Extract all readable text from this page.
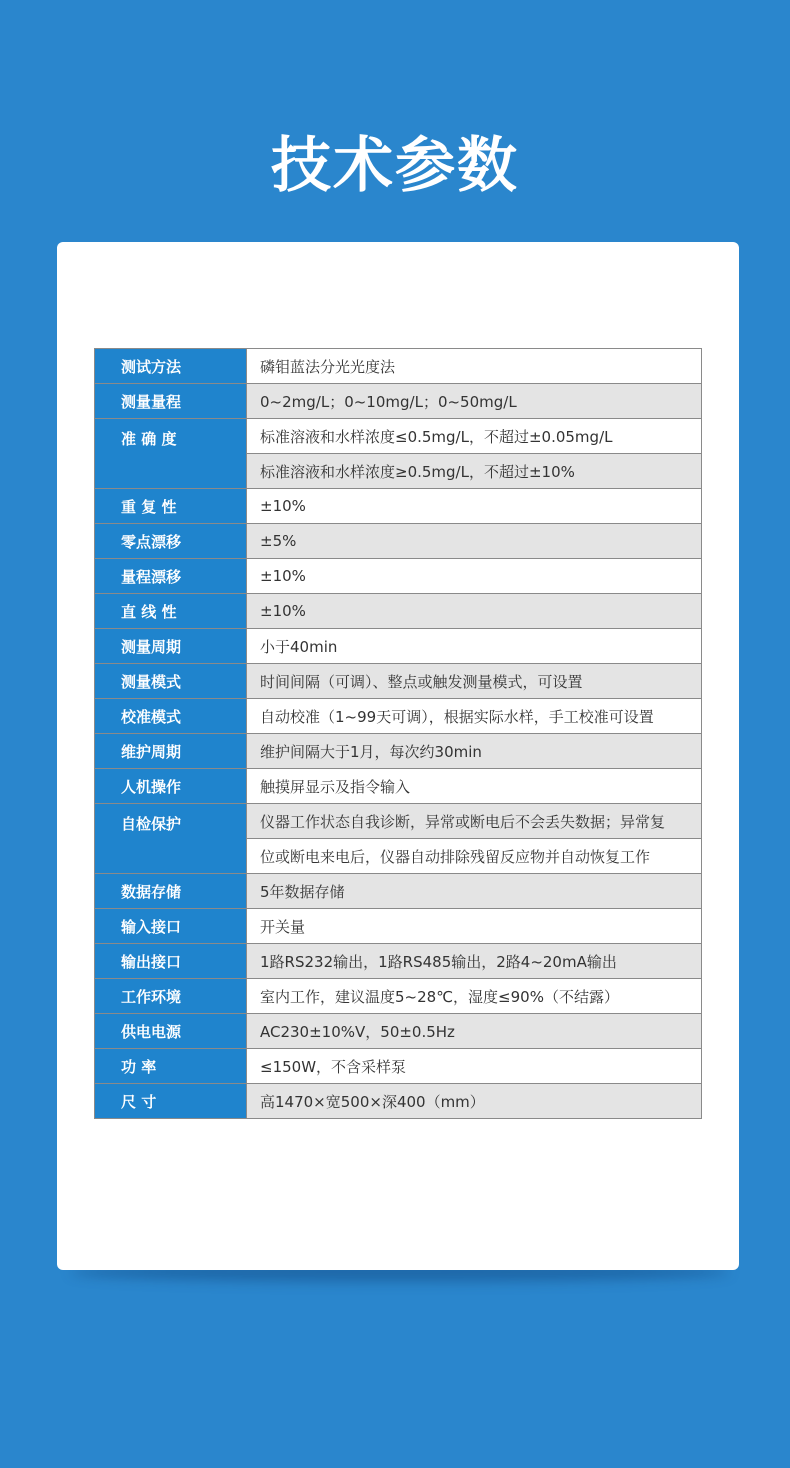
技术参数
测试方法	磷钼蓝法分光光度法
测量量程	0~2mg/L；0~10mg/L；0~50mg/L
准 确 度	标准溶液和水样浓度≤0.5mg/L，不超过±0.05mg/L
	标准溶液和水样浓度≥0.5mg/L，不超过±10%
重 复 性	±10%
零点漂移	±5%
量程漂移	±10%
直 线 性	±10%
测量周期	小于40min
测量模式	时间间隔（可调）、整点或触发测量模式，可设置
校准模式	自动校准（1~99天可调），根据实际水样，手工校准可设置
维护周期	维护间隔大于1月，每次约30min
人机操作	触摸屏显示及指令输入
自检保护	仪器工作状态自我诊断，异常或断电后不会丢失数据；异常复
	位或断电来电后，仪器自动排除残留反应物并自动恢复工作
数据存储	5年数据存储
输入接口	开关量
输出接口	1路RS232输出，1路RS485输出，2路4~20mA输出
工作环境	室内工作，建议温度5~28℃，湿度≤90%（不结露）
供电电源	AC230±10%V，50±0.5Hz
功 率	≤150W，不含采样泵
尺 寸	高1470×宽500×深400（mm）
